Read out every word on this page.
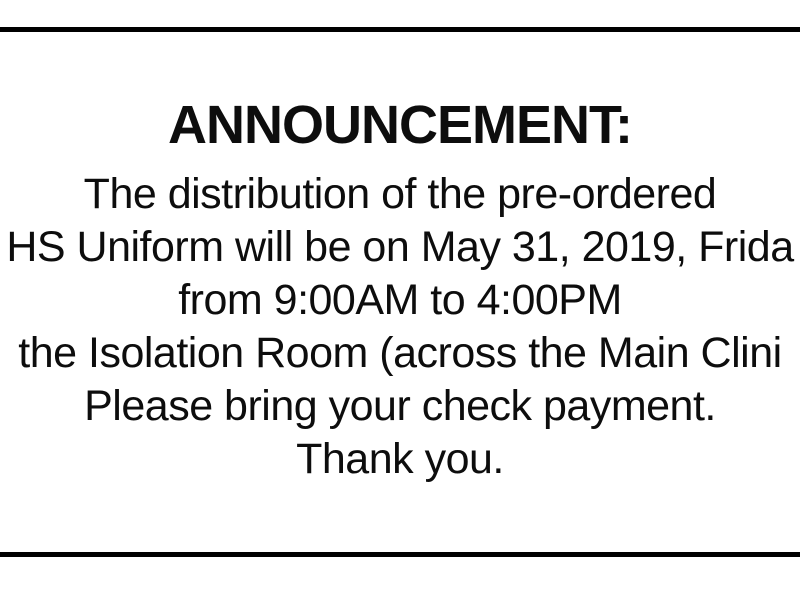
ANNOUNCEMENT:
The distribution of the pre-ordered
HS Uniform will be on May 31, 2019, Frida
from 9:00AM to 4:00PM
the Isolation Room (across the Main Clini
Please bring your check payment.
Thank you.
